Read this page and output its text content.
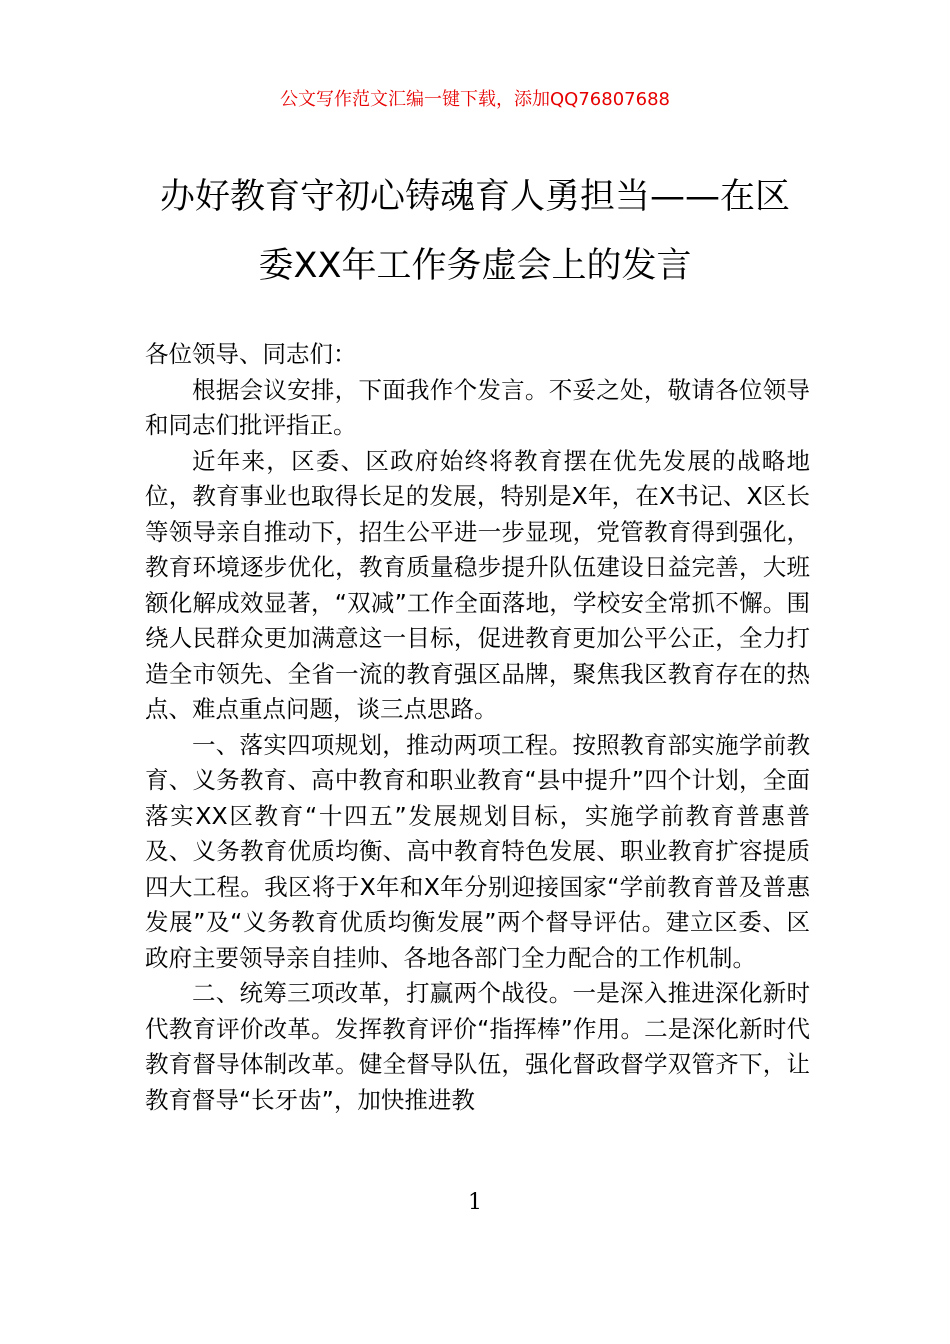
公文写作范文汇编一键下载，添加QQ76807688
办好教育守初心铸魂育人勇担当——在区
委XX年工作务虚会上的发言

各位领导、同志们：

根据会议安排，下面我作个发言。不妥之处，敬请各位领导和同志们批评指正。

近年来，区委、区政府始终将教育摆在优先发展的战略地位，教育事业也取得长足的发展，特别是X年，在X书记、X区长等领导亲自推动下，招生公平进一步显现，党管教育得到强化，教育环境逐步优化，教育质量稳步提升队伍建设日益完善，大班额化解成效显著，“双减”工作全面落地，学校安全常抓不懈。围绕人民群众更加满意这一目标，促进教育更加公平公正，全力打造全市领先、全省一流的教育强区品牌，聚焦我区教育存在的热点、难点重点问题，谈三点思路。

一、落实四项规划，推动两项工程。按照教育部实施学前教育、义务教育、高中教育和职业教育“县中提升”四个计划，全面落实XX区教育“十四五”发展规划目标，实施学前教育普惠普及、义务教育优质均衡、高中教育特色发展、职业教育扩容提质四大工程。我区将于X年和X年分别迎接国家“学前教育普及普惠发展”及“义务教育优质均衡发展”两个督导评估。建立区委、区政府主要领导亲自挂帅、各地各部门全力配合的工作机制。

二、统筹三项改革，打赢两个战役。一是深入推进深化新时代教育评价改革。发挥教育评价“指挥棒”作用。二是深化新时代教育督导体制改革。健全督导队伍，强化督政督学双管齐下，让教育督导“长牙齿”，加快推进教

1
